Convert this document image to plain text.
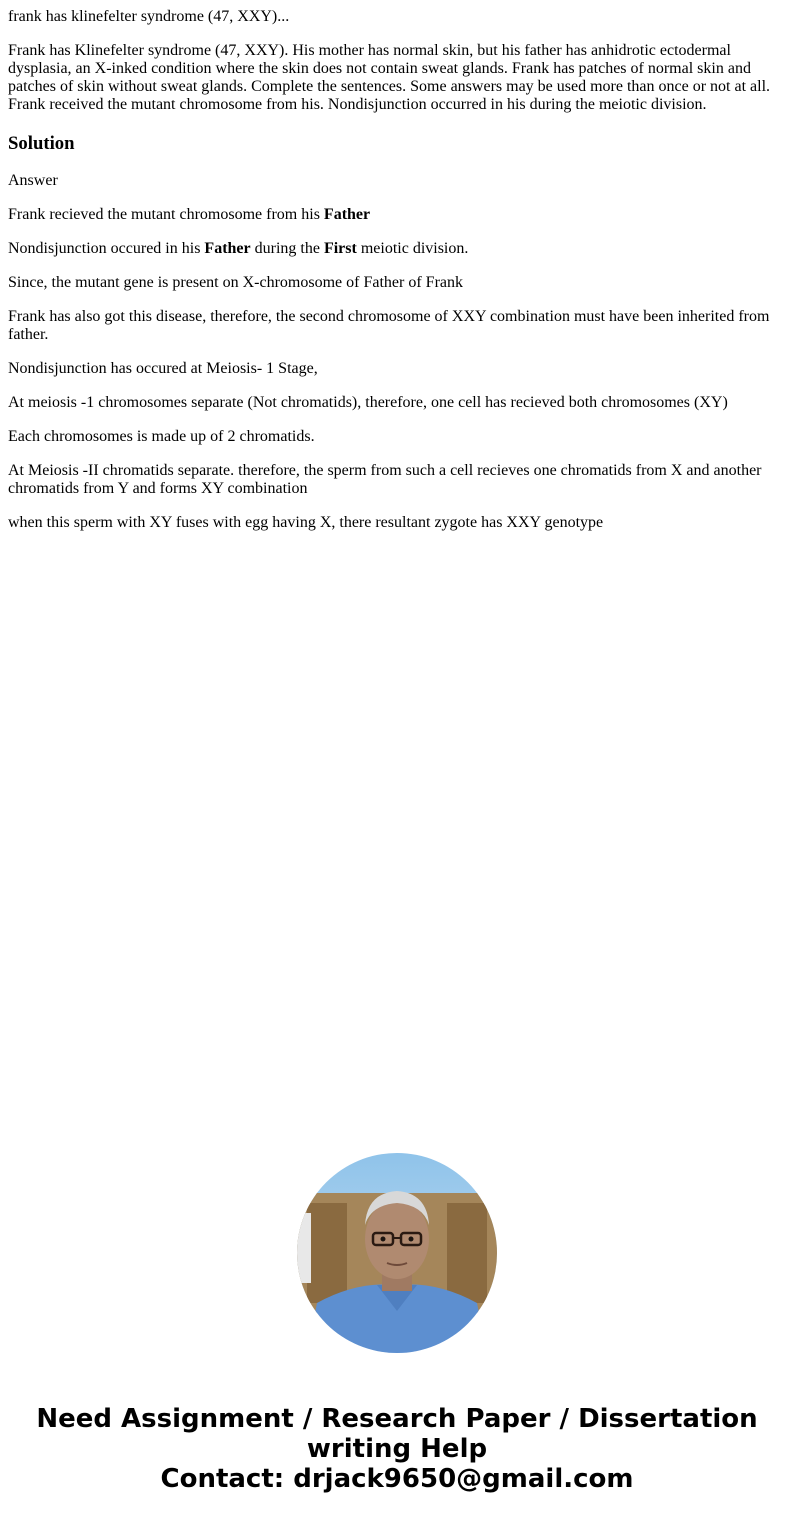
frank has klinefelter syndrome (47, XXY)...

Frank has Klinefelter syndrome (47, XXY). His mother has normal skin, but his father has anhidrotic ectodermal dysplasia, an X-inked condition where the skin does not contain sweat glands. Frank has patches of normal skin and patches of skin without sweat glands. Complete the sentences. Some answers may be used more than once or not at all. Frank received the mutant chromosome from his. Nondisjunction occurred in his during the meiotic division.

Solution

Answer

Frank recieved the mutant chromosome from his Father

Nondisjunction occured in his Father during the First meiotic division.

Since, the mutant gene is present on X-chromosome of Father of Frank

Frank has also got this disease, therefore, the second chromosome of XXY combination must have been inherited from father.

Nondisjunction has occured at Meiosis- 1 Stage,

At meiosis -1 chromosomes separate (Not chromatids), therefore, one cell has recieved both chromosomes (XY)

Each chromosomes is made up of 2 chromatids.

At Meiosis -II chromatids separate. therefore, the sperm from such a cell recieves one chromatids from X and another chromatids from Y and forms XY combination

when this sperm with XY fuses with egg having X, there resultant zygote has XXY genotype

Need Assignment / Research Paper / Dissertation
writing Help
Contact: drjack9650@gmail.com
